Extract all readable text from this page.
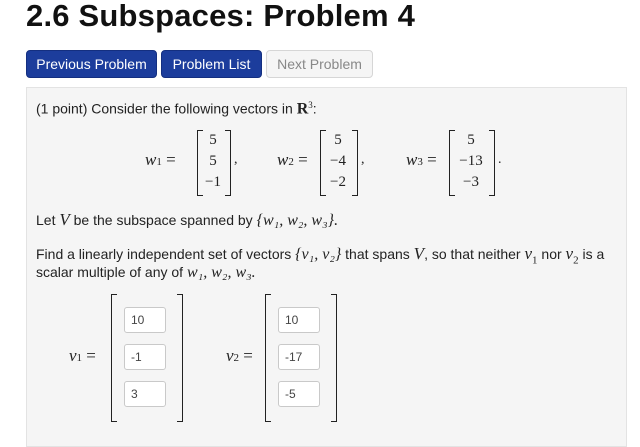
2.6 Subspaces: Problem 4
Previous Problem	Problem List	Next Problem
(1 point) Consider the following vectors in $R^3$:
w1 =
5
5
−1
, w2 =
5
−4
−2
, w3 =
5
−13
−3
.
Let V be the subspace spanned by {w₁, w₂, w₃}.
Find a linearly independent set of vectors {v₁, v₂} that spans V, so that neither $v_1$ nor $v_2$ is a
scalar multiple of any of w₁, w₂, w₃.
v1 =
10
-1
3	v2 =
10
-17
-5
